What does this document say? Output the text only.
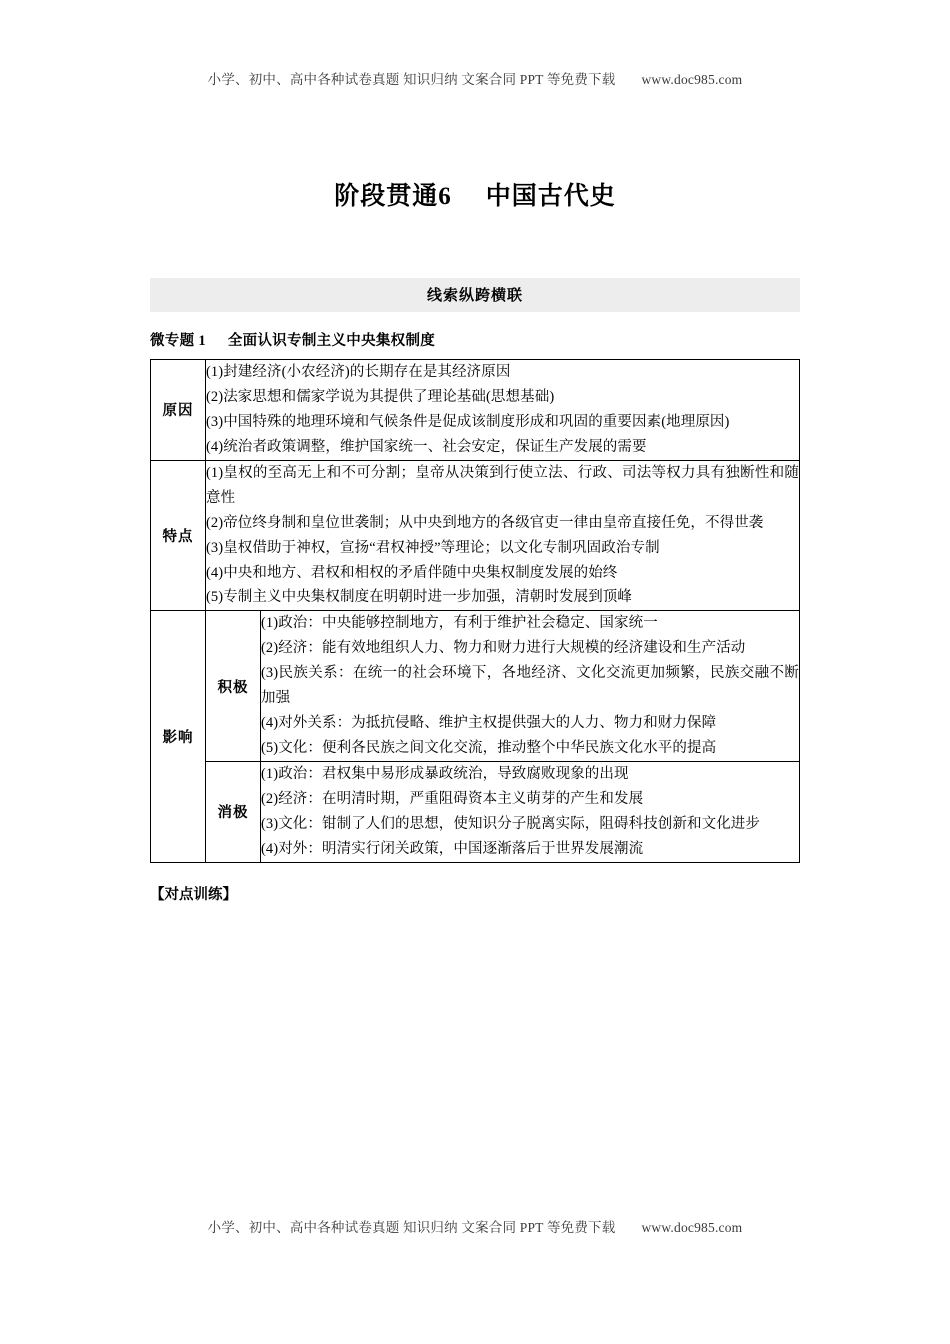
小学、初中、高中各种试卷真题 知识归纳 文案合同 PPT 等免费下载 www.doc985.com
阶段贯通6 中国古代史
线索纵跨横联
微专题 1 全面认识专制主义中央集权制度
原因	
(1)封建经济(小农经济)的长期存在是其经济原因
(2)法家思想和儒家学说为其提供了理论基础(思想基础)
(3)中国特殊的地理环境和气候条件是促成该制度形成和巩固的重要因素(地理原因)
(4)统治者政策调整，维护国家统一、社会安定，保证生产发展的需要

特点	
(1)皇权的至高无上和不可分割；皇帝从决策到行使立法、行政、司法等权力具有独断性和随意性
(2)帝位终身制和皇位世袭制；从中央到地方的各级官吏一律由皇帝直接任免，不得世袭
(3)皇权借助于神权，宣扬“君权神授”等理论；以文化专制巩固政治专制
(4)中央和地方、君权和相权的矛盾伴随中央集权制度发展的始终
(5)专制主义中央集权制度在明朝时进一步加强，清朝时发展到顶峰

影响	
积极	
(1)政治：中央能够控制地方，有利于维护社会稳定、国家统一
(2)经济：能有效地组织人力、物力和财力进行大规模的经济建设和生产活动
(3)民族关系：在统一的社会环境下，各地经济、文化交流更加频繁，民族交融不断加强
(4)对外关系：为抵抗侵略、维护主权提供强大的人力、物力和财力保障
(5)文化：便利各民族之间文化交流，推动整个中华民族文化水平的提高

消极	
(1)政治：君权集中易形成暴政统治，导致腐败现象的出现
(2)经济：在明清时期，严重阻碍资本主义萌芽的产生和发展
(3)文化：钳制了人们的思想，使知识分子脱离实际，阻碍科技创新和文化进步
(4)对外：明清实行闭关政策，中国逐渐落后于世界发展潮流
【对点训练】
小学、初中、高中各种试卷真题 知识归纳 文案合同 PPT 等免费下载 www.doc985.com
